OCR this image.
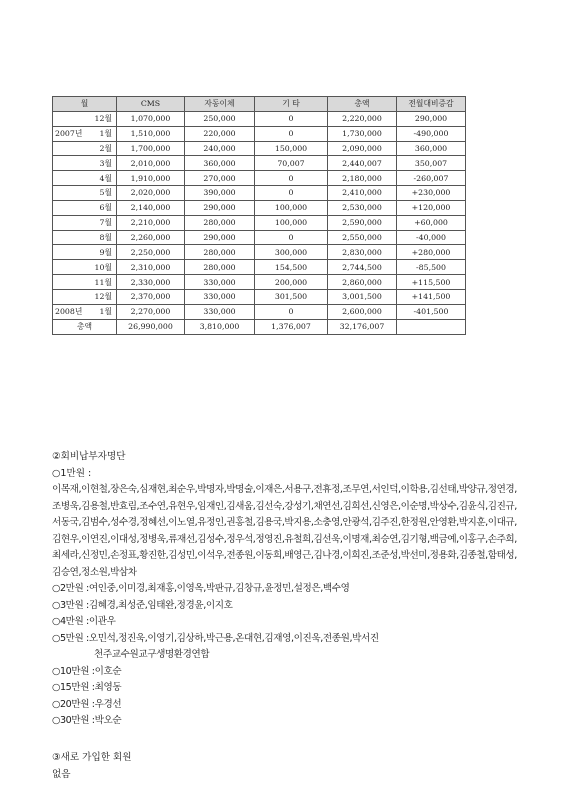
월	CMS	자동이체	기 타	총액	전월대비증감
12월	1,070,000	250,000	0	2,220,000	290,000
2007년 1월	1,510,000	220,000	0	1,730,000	-490,000
2월	1,700,000	240,000	150,000	2,090,000	360,000
3월	2,010,000	360,000	70,007	2,440,007	350,007
4월	1,910,000	270,000	0	2,180,000	-260,007
5월	2,020,000	390,000	0	2,410,000	+230,000
6월	2,140,000	290,000	100,000	2,530,000	+120,000
7월	2,210,000	280,000	100,000	2,590,000	+60,000
8월	2,260,000	290,000	0	2,550,000	-40,000
9월	2,250,000	280,000	300,000	2,830,000	+280,000
10월	2,310,000	280,000	154,500	2,744,500	-85,500
11월	2,330,000	330,000	200,000	2,860,000	+115,500
12월	2,370,000	330,000	301,500	3,001,500	+141,500
2008년 1월	2,270,000	330,000	0	2,600,000	-401,500
총액	26,990,000	3,810,000	1,376,007	32,176,007	
②회비납부자명단
○1만원 :
이목재,이현철,장은숙,심재현,최순우,박명자,박명술,이재은,서용구,전휴정,조무연,서인덕,이학용,김선태,박양규,정연경,조병욱,김용철,반효림,조수연,유현우,임재인,김새움,김선숙,강성기,채연선,김희선,신영은,이순명,박상수,김윤식,김진규,서동국,김범수,성수경,정혜선,이노열,유정인,권홍철,김용국,박지용,소충영,안광석,김주진,한정원,안영환,박지훈,이대규,김현우,이연진,이대성,정병욱,류재선,김성수,정우석,정영진,유철희,김선욱,이명재,최승연,김기형,백금예,이홍구,손주희,최세라,신정민,손정표,황진한,김성민,이석우,전종원,이동희,배영근,김나경,이희진,조준성,박선미,정용화,김종철,함태성,김승연,정소원,박삼차
○2만원 :여인중,이미경,최재홍,이영옥,박판규,김창규,윤정민,설정은,백수영
○3만원 :김혜경,최성준,임태완,정경윤,이지호
○4만원 :이관우
○5만원 :오민석,정진욱,이영기,김상하,박근용,온대현,김재영,이진욱,전종원,박서진
천주교수원교구생명환경연합
○10만원 :이호순
○15만원 :최영동
○20만원 :우경선
○30만원 :박오순
③새로 가입한 회원
없음
